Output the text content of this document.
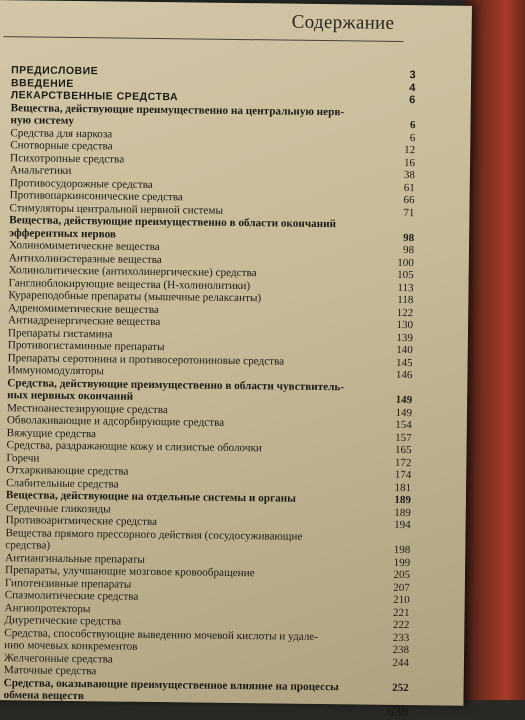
Содержание
ПРЕДИСЛОВИЕ	3
ВВЕДЕНИЕ	4
ЛЕКАРСТВЕННЫЕ СРЕДСТВА	6
Вещества, действующие преимущественно на центральную нерв-
ную систему	6
Средства для наркоза	6
Снотворные средства	12
Психотропные средства	16
Анальгетики	38
Противосудорожные средства	61
Противопаркинсонические средства	66
Стимуляторы центральной нервной системы	71
Вещества, действующие преимущественно в области окончаний
эфферентных нервов	98
Холиномиметические вещества	98
Антихолинэстеразные вещества	100
Холинолитические (антихолинергические) средства	105
Ганглиоблокирующие вещества (Н-холинолитики)	113
Курареподобные препараты (мышечные релаксанты)	118
Адреномиметические вещества	122
Антиадренергические вещества	130
Препараты гистамина	139
Противогистаминные препараты	140
Препараты серотонина и противосеротониновые средства	145
Иммуномодуляторы	146
Средства, действующие преимущественно в области чувствитель-
ных нервных окончаний	149
Местноанестезирующие средства	149
Обволакивающие и адсорбирующие средства	154
Вяжущие средства	157
Средства, раздражающие кожу и слизистые оболочки	165
Горечи	172
Отхаркивающие средства	174
Слабительные средства	181
Вещества, действующие на отдельные системы и органы	189
Сердечные гликозиды	189
Противоаритмические средства	194
Вещества прямого прессорного действия (сосудосуживающие
средства)	198
Антиангинальные препараты	199
Препараты, улучшающие мозговое кровообращение	205
Гипотензивные препараты	207
Спазмолитические средства	210
Ангиопротекторы	221
Диуретические средства	222
Средства, способствующие выведению мочевой кислоты и удале-	233
нию мочевых конкрементов	238
Желчегонные средства	244
Маточные средства
Средства, оказывающие преимущественное влияние на процессы	252
обмена веществ
639
